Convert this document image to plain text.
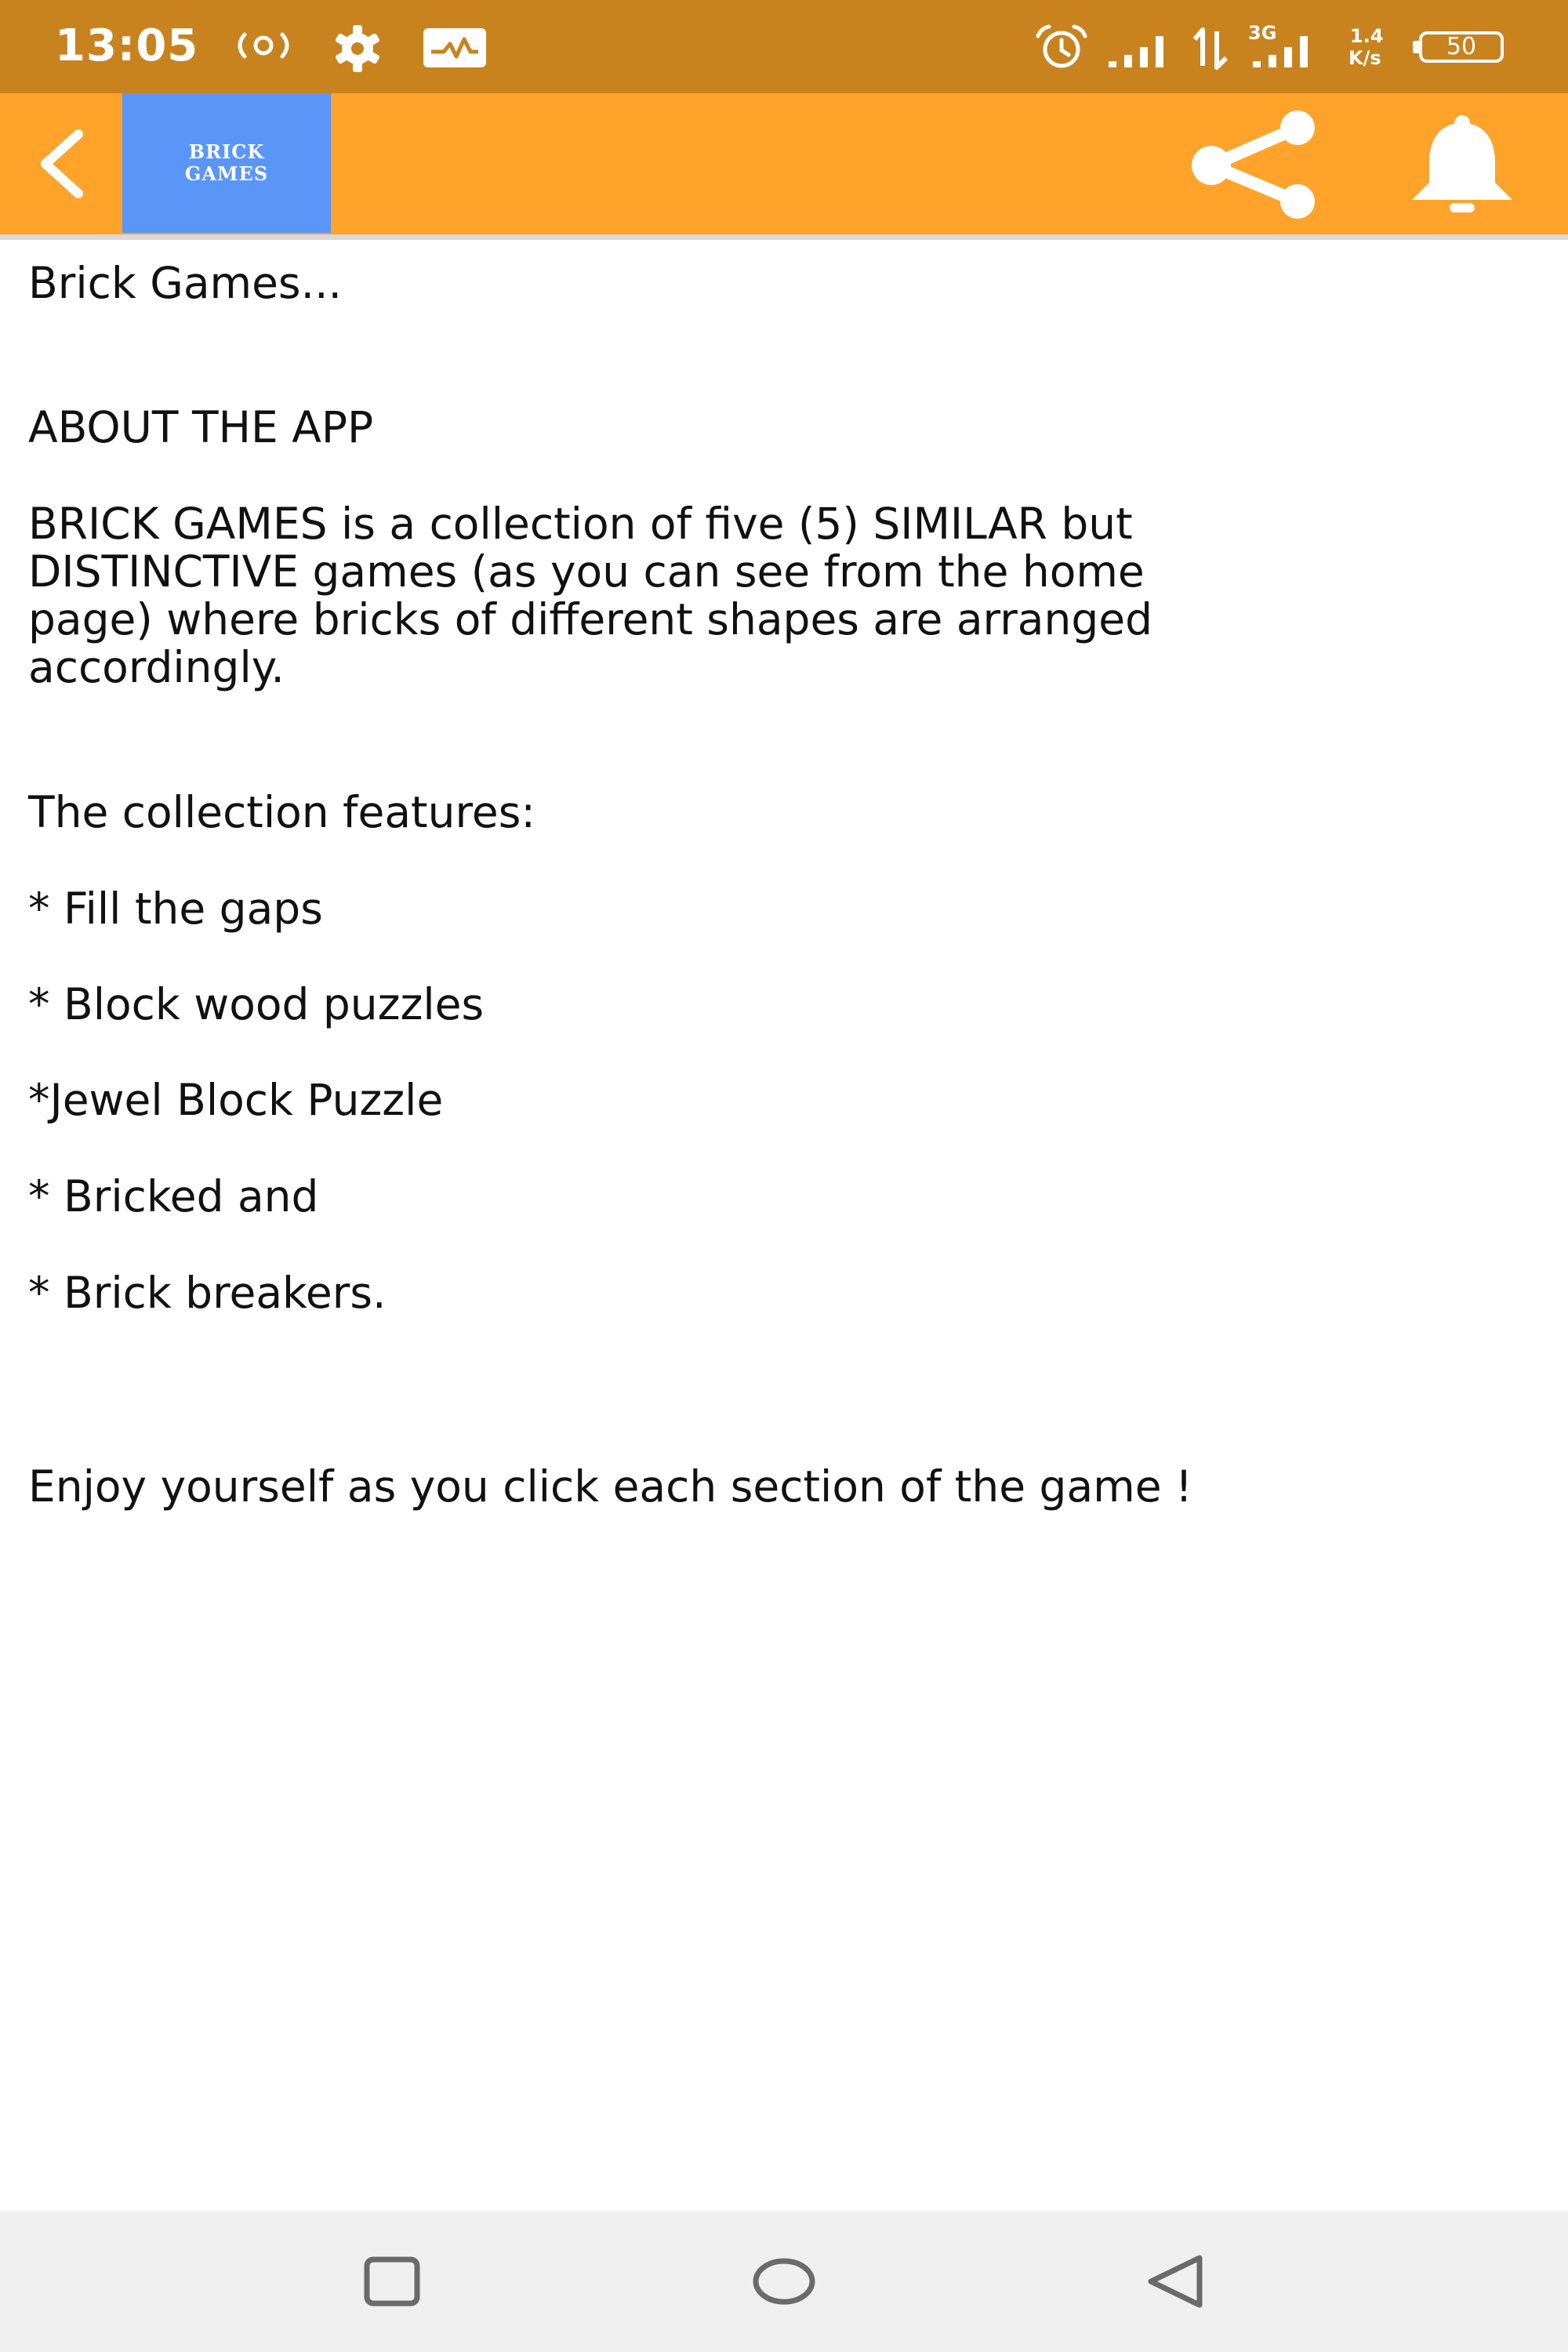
13:05	3G	1.4
K/s	50
BRICK
GAMES
Brick Games...
ABOUT THE APP
BRICK GAMES is a collection of five (5) SIMILAR but
DISTINCTIVE games (as you can see from the home
page) where bricks of different shapes are arranged
accordingly.
The collection features:
* Fill the gaps
* Block wood puzzles
*Jewel Block Puzzle
* Bricked and
* Brick breakers.
Enjoy yourself as you click each section of the game !
